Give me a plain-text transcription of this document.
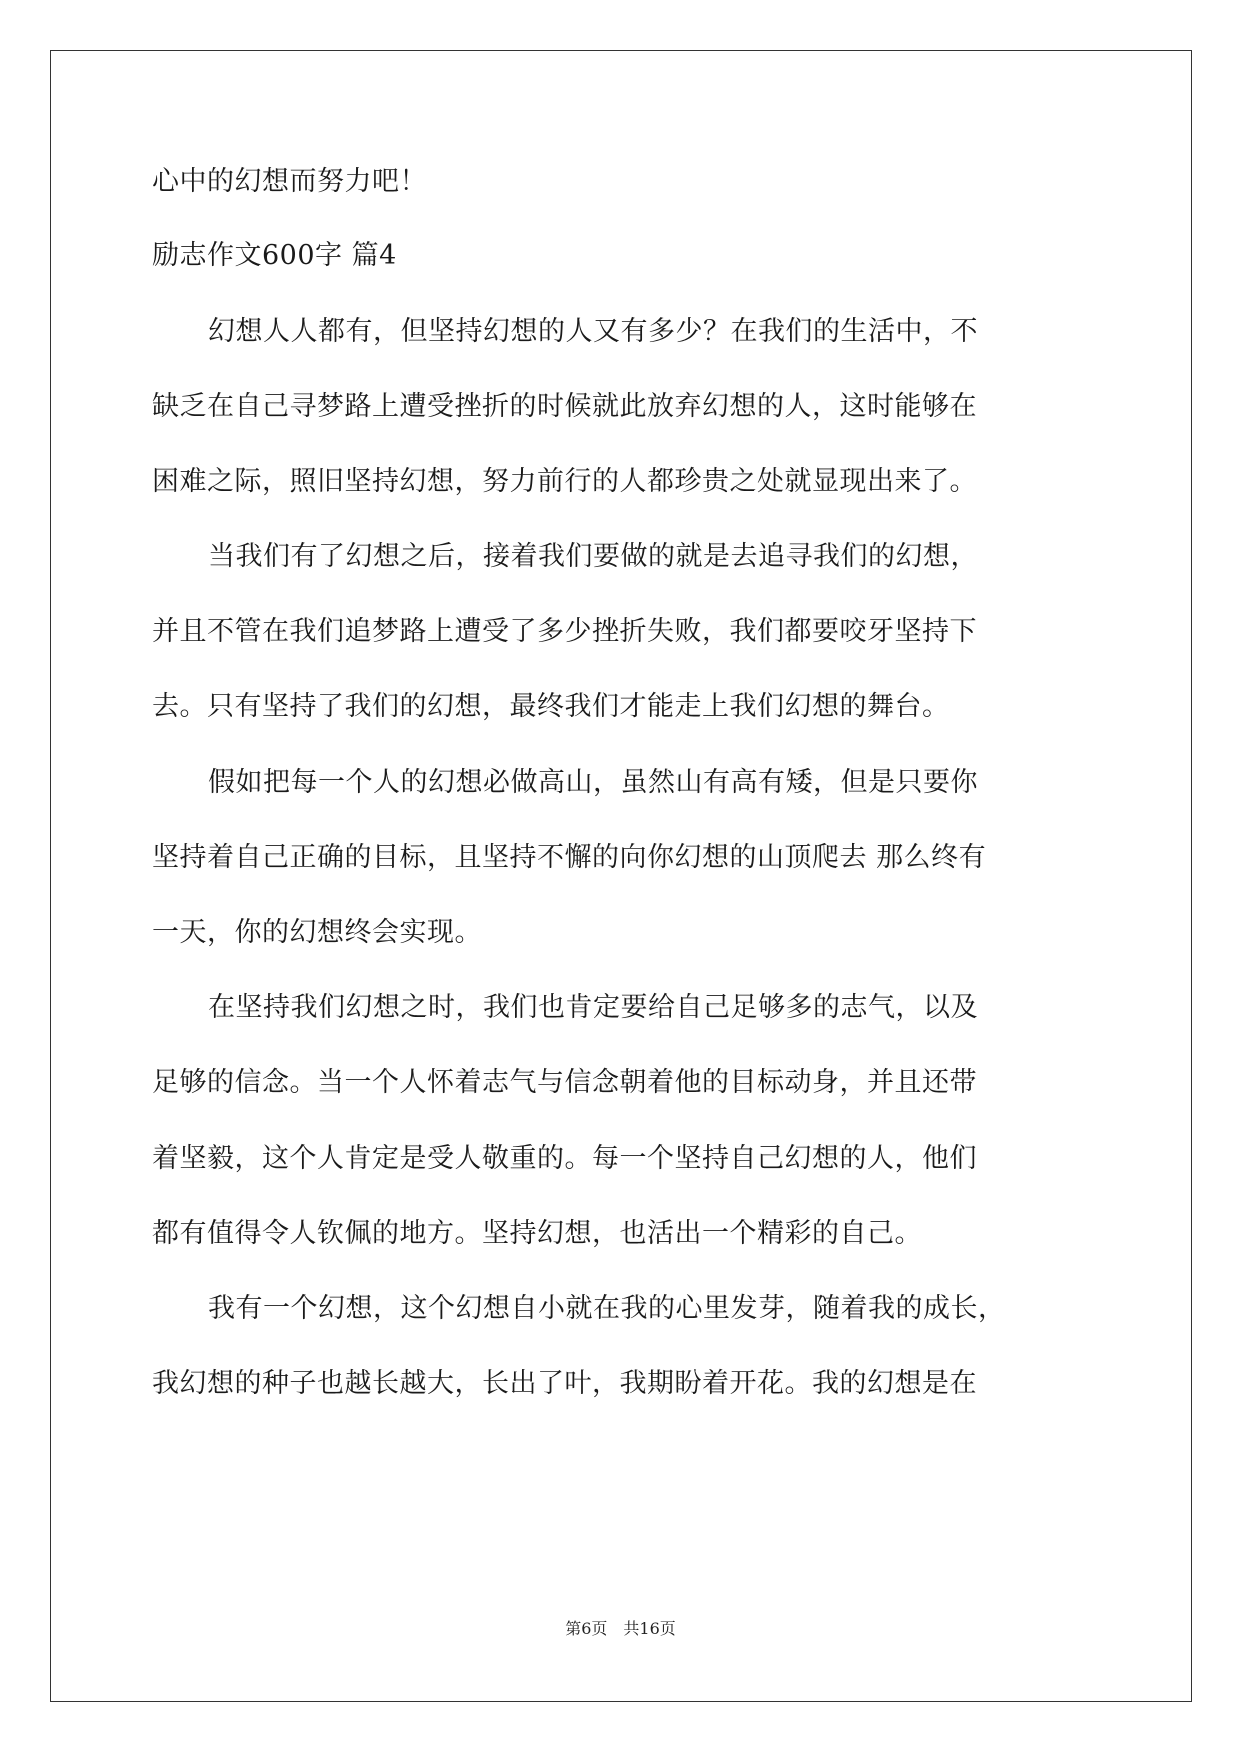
心中的幻想而努力吧！
励志作文600字 篇4
幻想人人都有，但坚持幻想的人又有多少？在我们的生活中，不
缺乏在自己寻梦路上遭受挫折的时候就此放弃幻想的人，这时能够在
困难之际，照旧坚持幻想，努力前行的人都珍贵之处就显现出来了。
当我们有了幻想之后，接着我们要做的就是去追寻我们的幻想，
并且不管在我们追梦路上遭受了多少挫折失败，我们都要咬牙坚持下
去。只有坚持了我们的幻想，最终我们才能走上我们幻想的舞台。
假如把每一个人的幻想必做高山，虽然山有高有矮，但是只要你
坚持着自己正确的目标，且坚持不懈的向你幻想的山顶爬去 那么终有
一天，你的幻想终会实现。
在坚持我们幻想之时，我们也肯定要给自己足够多的志气，以及
足够的信念。当一个人怀着志气与信念朝着他的目标动身，并且还带
着坚毅，这个人肯定是受人敬重的。每一个坚持自己幻想的人，他们
都有值得令人钦佩的地方。坚持幻想，也活出一个精彩的自己。
我有一个幻想，这个幻想自小就在我的心里发芽，随着我的成长，
我幻想的种子也越长越大，长出了叶，我期盼着开花。我的幻想是在
第6页　共16页
